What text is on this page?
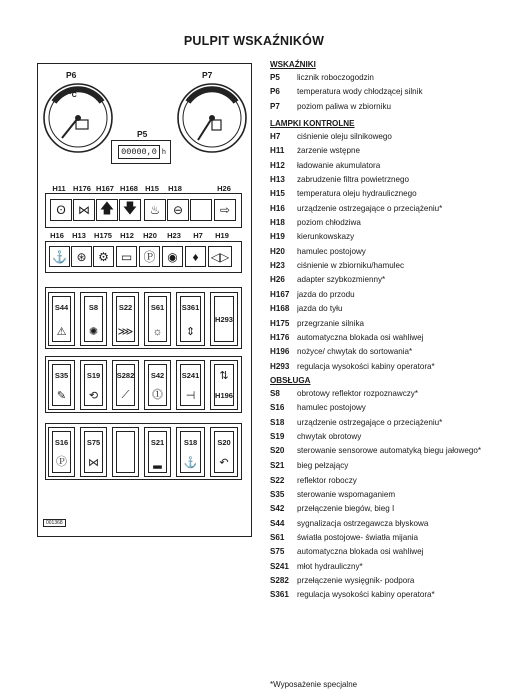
PULPIT WSKAŹNIKÓW
P6	P7
°C
P5
00000,0 h
H11 H176 H167 H168 H15	H18	H26
ʘ	⋈ 🡅 🡇	♨	⊖	⇨
H16	H13	H175	H12	H20	H23	H7	H19
⚓ ⊛ ⚙ ▭ Ⓟ ◉	♦	◁▷
S44
⚠
S8
✺
S22
⋙
S61
☼
S361
⇕
H293
S35
✎
S19
⟲
S282
⟋
S42
⓵
S241
⊣
⇅
H196
S16
Ⓟ
S75
⋈
S21
▂
S18
⚓
S20
↶
001368
WSKAŹNIKI
P5	licznik roboczogodzin
P6	temperatura wody chłodzącej silnik
P7	poziom paliwa w zbiorniku
LAMPKI KONTROLNE
H7	ciśnienie oleju silnikowego
H11	żarzenie wstępne
H12	ładowanie akumulatora
H13	zabrudzenie filtra powietrznego
H15	temperatura oleju hydraulicznego
H16	urządzenie ostrzegające o przeciążeniu*
H18	poziom chłodziwa
H19	kierunkowskazy
H20	hamulec postojowy
H23	ciśnienie w zbiorniku/hamulec
H26	adapter szybkozmienny*
H167 jazda do przodu
H168 jazda do tyłu
H175 przegrzanie silnika
H176 automatyczna blokada osi wahliwej
H196 nożyce/ chwytak do sortowania*
H293 regulacja wysokości kabiny operatora*
OBSŁUGA
S8	obrotowy reflektor rozpoznawczy*
S16	hamulec postojowy
S18	urządzenie ostrzegające o przeciążeniu*
S19	chwytak obrotowy
S20	sterowanie sensorowe automatyką biegu jałowego*
S21	bieg pełzający
S22	reflektor roboczy
S35	sterowanie wspomaganiem
S42	przełączenie biegów, bieg I
S44	sygnalizacja ostrzegawcza błyskowa
S61	światła postojowe- światła mijania
S75	automatyczna blokada osi wahliwej
S241 młot hydrauliczny*
S282 przełączenie wysięgnik- podpora
S361 regulacja wysokości kabiny operatora*
*Wyposażenie specjalne
